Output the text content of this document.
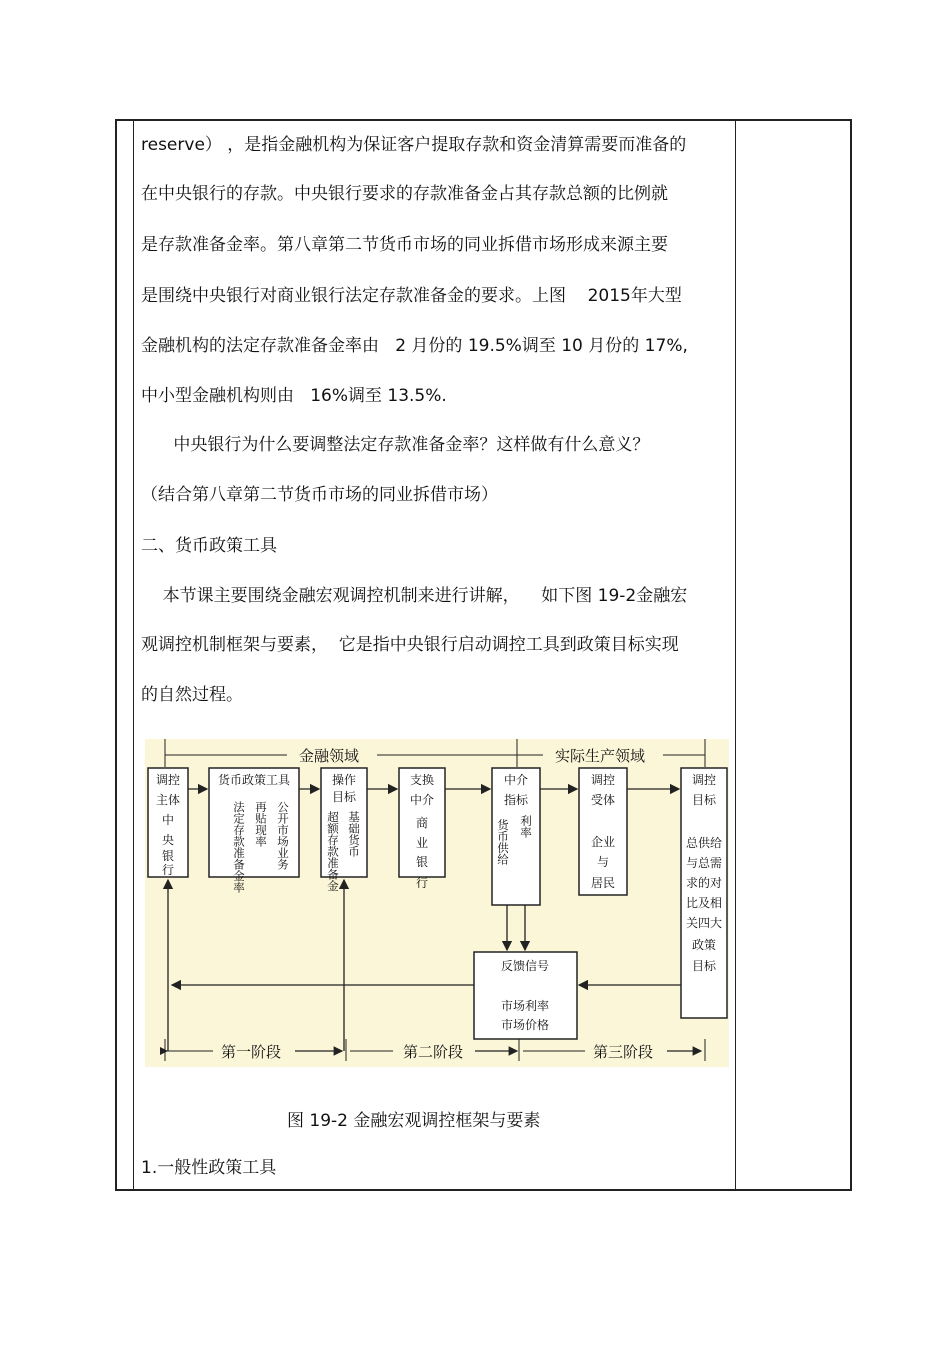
reserve） ，是指金融机构为保证客户提取存款和资金清算需要而准备的
在中央银行的存款。中央银行要求的存款准备金占其存款总额的比例就
是存款准备金率。第八章第二节货币市场的同业拆借市场形成来源主要
是围绕中央银行对商业银行法定存款准备金的要求。上图    2015年大型
金融机构的法定存款准备金率由   2 月份的 19.5%调至 10 月份的 17%,
中小型金融机构则由   16%调至 13.5%.
中央银行为什么要调整法定存款准备金率？这样做有什么意义？
（结合第八章第二节货币市场的同业拆借市场）
二、货币政策工具
本节课主要围绕金融宏观调控机制来进行讲解，    如下图 19-2金融宏
观调控机制框架与要素，  它是指中央银行启动调控工具到政策目标实现
的自然过程。
金融领域	实际生产领域
调控
主体
中
央
银
行
货币政策工具
公开市场业务
再贴现率
法定存款准备金率
操作
目标
基础货币
超额存款准备金
支换
中介
商
业
银
行
中介
指标
利率
货币供给
调控
受体
企业
与
居民
调控
目标
总供给
与总需
求的对
比及相
关四大
政策
目标
反馈信号
市场利率
市场价格
第一阶段	第二阶段	第三阶段
图 19-2 金融宏观调控框架与要素
1.一般性政策工具
